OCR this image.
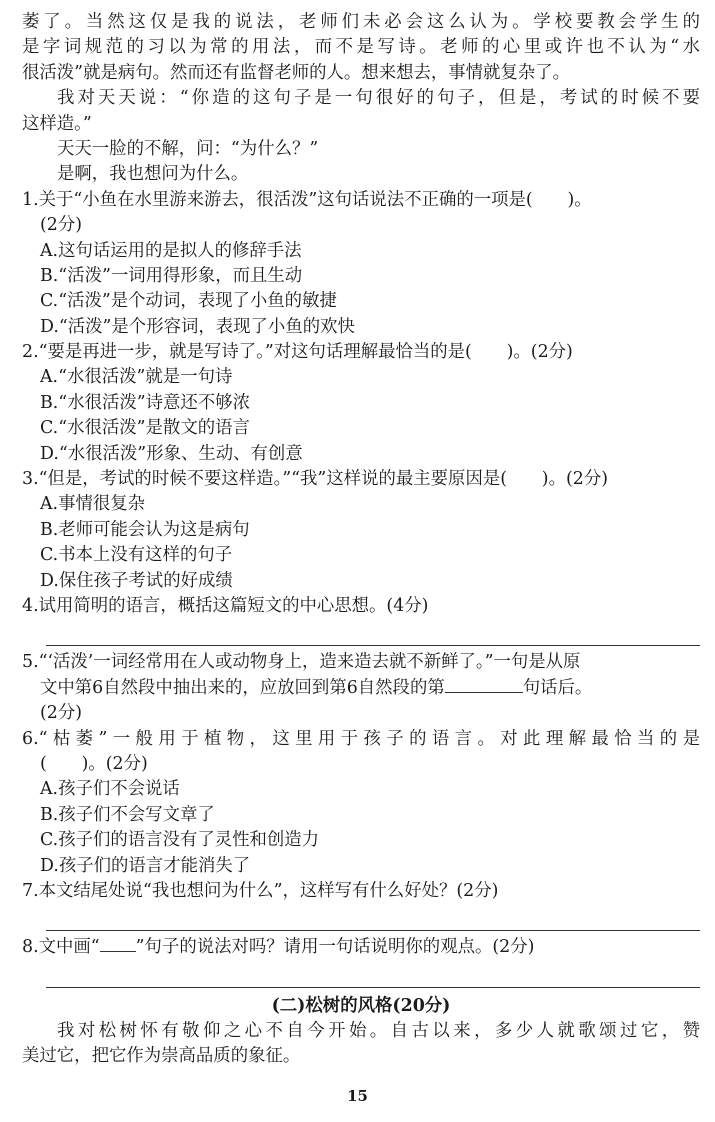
萎了。当然这仅是我的说法，老师们未必会这么认为。学校要教会学生的
是字词规范的习以为常的用法，而不是写诗。老师的心里或许也不认为“水
很活泼”就是病句。然而还有监督老师的人。想来想去，事情就复杂了。
我对天天说：“你造的这句子是一句很好的句子，但是，考试的时候不要
这样造。”
天天一脸的不解，问：“为什么？”
是啊，我也想问为什么。
1.关于“小鱼在水里游来游去，很活泼”这句话说法不正确的一项是(　　)。
(2分)
A.这句话运用的是拟人的修辞手法
B.“活泼”一词用得形象，而且生动
C.“活泼”是个动词，表现了小鱼的敏捷
D.“活泼”是个形容词，表现了小鱼的欢快
2.“要是再进一步，就是写诗了。”对这句话理解最恰当的是(　　)。(2分)
A.“水很活泼”就是一句诗
B.“水很活泼”诗意还不够浓
C.“水很活泼”是散文的语言
D.“水很活泼”形象、生动、有创意
3.“但是，考试的时候不要这样造。”“我”这样说的最主要原因是(　　)。(2分)
A.事情很复杂
B.老师可能会认为这是病句
C.书本上没有这样的句子
D.保住孩子考试的好成绩
4.试用简明的语言，概括这篇短文的中心思想。(4分)
5.“‘活泼’一词经常用在人或动物身上，造来造去就不新鲜了。”一句是从原
文中第6自然段中抽出来的，应放回到第6自然段的第	句话后。
(2分)
6.“枯萎”一般用于植物，这里用于孩子的语言。对此理解最恰当的是
(　　)。(2分)
A.孩子们不会说话
B.孩子们不会写文章了
C.孩子们的语言没有了灵性和创造力
D.孩子们的语言才能消失了
7.本文结尾处说“我也想问为什么”，这样写有什么好处？(2分)
8.文中画“ ”句子的说法对吗？请用一句话说明你的观点。(2分)
(二)松树的风格(20分)
我对松树怀有敬仰之心不自今开始。自古以来，多少人就歌颂过它，赞
美过它，把它作为崇高品质的象征。
15
